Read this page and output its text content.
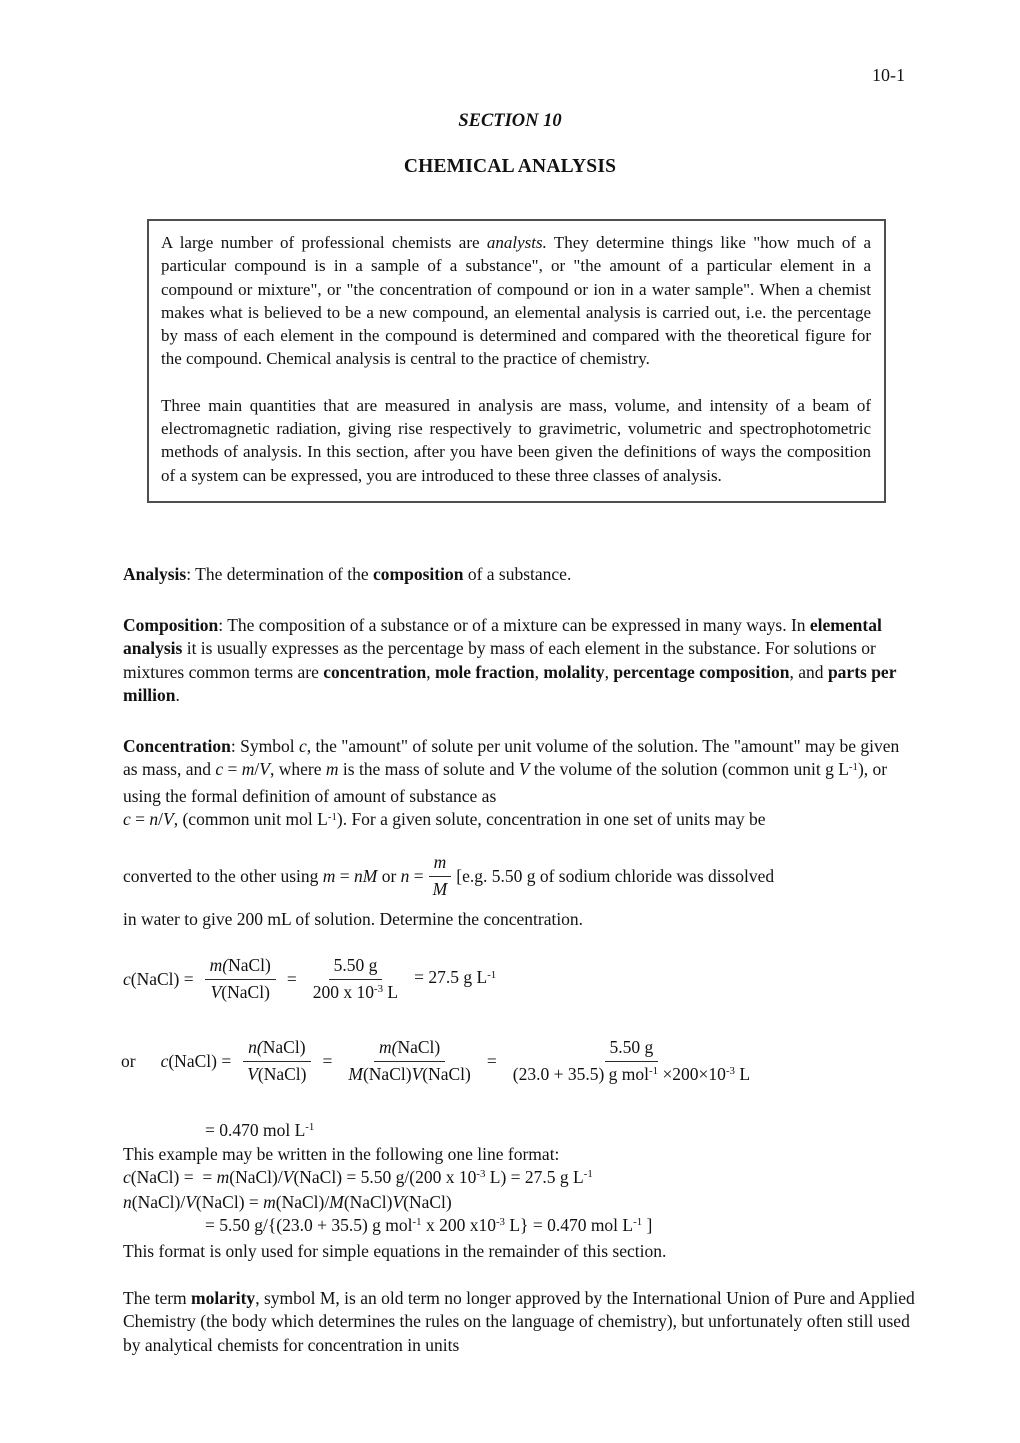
10-1
SECTION 10
CHEMICAL ANALYSIS

A large number of professional chemists are analysts. They determine things like "how much of a particular compound is in a sample of a substance", or "the amount of a particular element in a compound or mixture", or "the concentration of compound or ion in a water sample". When a chemist makes what is believed to be a new compound, an elemental analysis is carried out, i.e. the percentage by mass of each element in the compound is determined and compared with the theoretical figure for the compound. Chemical analysis is central to the practice of chemistry.

Three main quantities that are measured in analysis are mass, volume, and intensity of a beam of electromagnetic radiation, giving rise respectively to gravimetric, volumetric and spectrophotometric methods of analysis. In this section, after you have been given the definitions of ways the composition of a system can be expressed, you are introduced to these three classes of analysis.

Analysis: The determination of the composition of a substance.
Composition: The composition of a substance or of a mixture can be expressed in many ways. In elemental analysis it is usually expresses as the percentage by mass of each element in the substance. For solutions or mixtures common terms are concentration, mole fraction, molality, percentage composition, and parts per million.
Concentration: Symbol c, the "amount" of solute per unit volume of the solution. The "amount" may be given as mass, and c = m/V, where m is the mass of solute and V the volume of the solution (common unit g $L^{-1}$), or using the formal definition of amount of substance as
c = n/V, (common unit mol $L^{-1}$). For a given solute, concentration in one set of units may be
converted to the other using m = nM or $n = \frac{m}{M} [e.g$. 5.50 g of sodium chloride was dissolved
in water to give 200 mL of solution. Determine the concentration.
c(NaCl) = $\frac{\text{m(NaCl)}}{\text{V(NaCl)}} = \frac{5.50 g}{200 x 10^{-3} L} = 27.5$ g $L^{-1}$
or c(NaCl) = $\frac{\text{n(NaCl)}}{\text{V(NaCl)}} = \frac{\text{m(NaCl)}}{\text{M(NaCl)V(NaCl)}} = \frac{5.50 g}{(23.0 + 35.5) g mol^{-1} \times 200\times 10^{-3} L}$
= 0.470 mol $L^{-1}$
This example may be written in the following one line format:
c(NaCl) =  = m(NaCl)/V(NaCl) = 5.50 g/(200 x $10^{-3}$ L) = 27.5 g $L^{-1}$
n(NaCl)/V(NaCl) = m(NaCl)/M(NaCl)V(NaCl)
= 5.50 g/{(23.0 + 35.5) g mol$^{-1}$ x 200 $x10^{-3}$ L} = 0.470 mol $L^{-1}$ ]
This format is only used for simple equations in the remainder of this section.
The term molarity, symbol M, is an old term no longer approved by the International Union of Pure and Applied Chemistry (the body which determines the rules on the language of chemistry), but unfortunately often still used by analytical chemists for concentration in units
